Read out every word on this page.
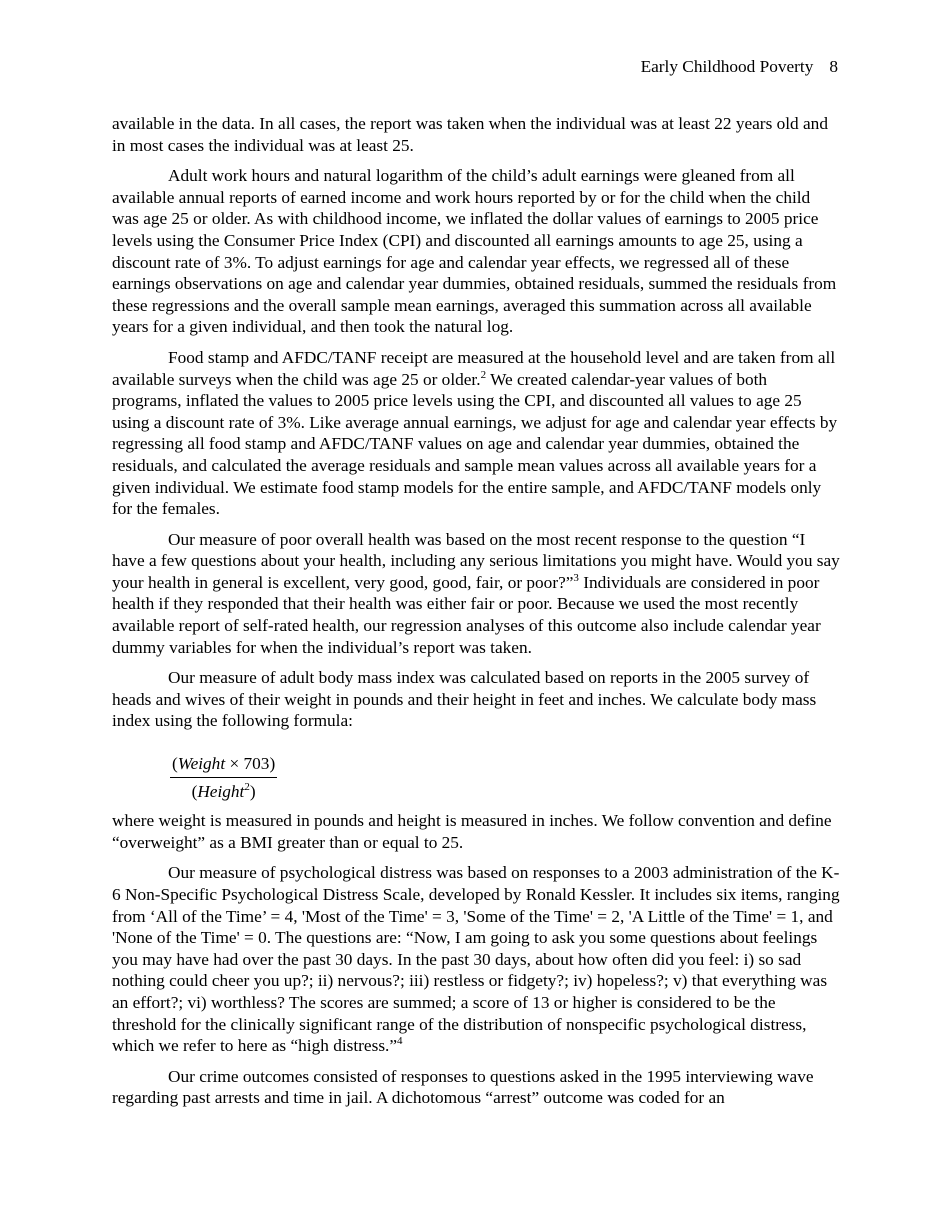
Early Childhood Poverty 8

available in the data. In all cases, the report was taken when the individual was at least 22 years old and in most cases the individual was at least 25.

Adult work hours and natural logarithm of the child’s adult earnings were gleaned from all available annual reports of earned income and work hours reported by or for the child when the child was age 25 or older. As with childhood income, we inflated the dollar values of earnings to 2005 price levels using the Consumer Price Index (CPI) and discounted all earnings amounts to age 25, using a discount rate of 3%. To adjust earnings for age and calendar year effects, we regressed all of these earnings observations on age and calendar year dummies, obtained residuals, summed the residuals from these regressions and the overall sample mean earnings, averaged this summation across all available years for a given individual, and then took the natural log.

Food stamp and AFDC/TANF receipt are measured at the household level and are taken from all available surveys when the child was age 25 or older.$^2$ We created calendar-year values of both programs, inflated the values to 2005 price levels using the CPI, and discounted all values to age 25 using a discount rate of 3%. Like average annual earnings, we adjust for age and calendar year effects by regressing all food stamp and AFDC/TANF values on age and calendar year dummies, obtained the residuals, and calculated the average residuals and sample mean values across all available years for a given individual. We estimate food stamp models for the entire sample, and AFDC/TANF models only for the females.

Our measure of poor overall health was based on the most recent response to the question “I have a few questions about your health, including any serious limitations you might have. Would you say your health in general is excellent, very good, good, fair, or poor?”$^3$ Individuals are considered in poor health if they responded that their health was either fair or poor. Because we used the most recently available report of self-rated health, our regression analyses of this outcome also include calendar year dummy variables for when the individual’s report was taken.

Our measure of adult body mass index was calculated based on reports in the 2005 survey of heads and wives of their weight in pounds and their height in feet and inches. We calculate body mass index using the following formula:

$\frac{\text{(Weight × 703)}}{(Height^2)}$

where weight is measured in pounds and height is measured in inches. We follow convention and define “overweight” as a BMI greater than or equal to 25.

Our measure of psychological distress was based on responses to a 2003 administration of the K-6 Non-Specific Psychological Distress Scale, developed by Ronald Kessler. It includes six items, ranging from ‘All of the Time’ = 4, 'Most of the Time' = 3, 'Some of the Time' = 2, 'A Little of the Time' = 1, and 'None of the Time' = 0. The questions are: “Now, I am going to ask you some questions about feelings you may have had over the past 30 days. In the past 30 days, about how often did you feel: i) so sad nothing could cheer you up?; ii) nervous?; iii) restless or fidgety?; iv) hopeless?; v) that everything was an effort?; vi) worthless? The scores are summed; a score of 13 or higher is considered to be the threshold for the clinically significant range of the distribution of nonspecific psychological distress, which we refer to here as “high distress.”$^4$

Our crime outcomes consisted of responses to questions asked in the 1995 interviewing wave regarding past arrests and time in jail. A dichotomous “arrest” outcome was coded for an
